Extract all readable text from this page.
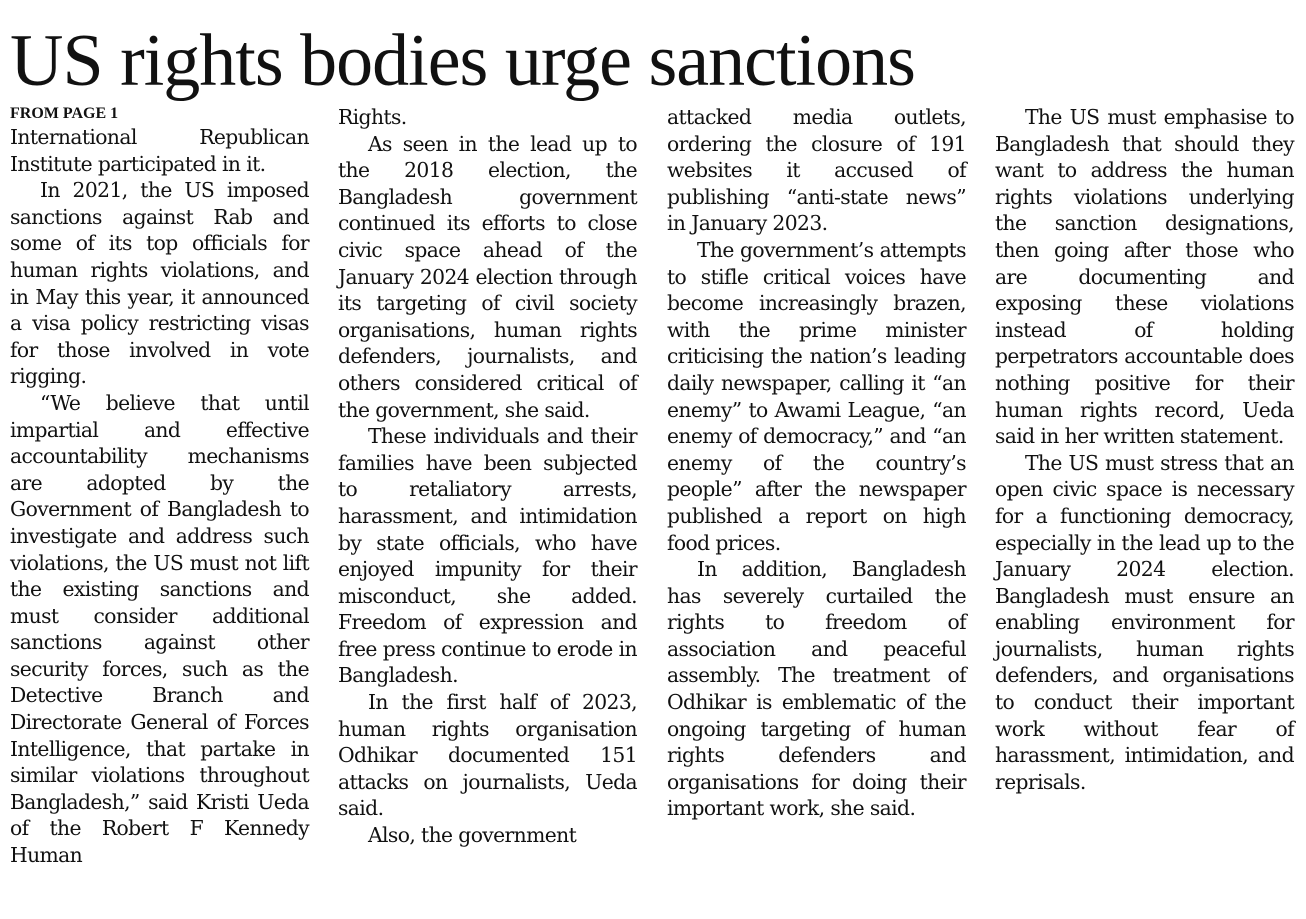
US rights bodies urge sanctions
FROM PAGE 1

International Republican Institute participated in it.

In 2021, the US imposed sanctions against Rab and some of its top officials for human rights violations, and in May this year, it announced a visa policy restricting visas for those involved in vote rigging.

“We believe that until impartial and effective accountability mechanisms are adopted by the Government of Bangladesh to investigate and address such violations, the US must not lift the existing sanctions and must consider additional sanctions against other security forces, such as the Detective Branch and Directorate General of Forces Intelligence, that partake in similar violations throughout Bangladesh,” said Kristi Ueda of the Robert F Kennedy Human

Rights.

As seen in the lead up to the 2018 election, the Bangladesh government continued its efforts to close civic space ahead of the January 2024 election through its targeting of civil society organisations, human rights defenders, journalists, and others considered critical of the government, she said.

These individuals and their families have been subjected to retaliatory arrests, harassment, and intimidation by state officials, who have enjoyed impunity for their misconduct, she added. Freedom of expression and free press continue to erode in Bangladesh.

In the first half of 2023, human rights organisation Odhikar documented 151 attacks on journalists, Ueda said.

Also, the government

attacked media outlets, ordering the closure of 191 websites it accused of publishing “anti-state news” in January 2023.

The government’s attempts to stifle critical voices have become increasingly brazen, with the prime minister criticising the nation’s leading daily newspaper, calling it “an enemy” to Awami League, “an enemy of democracy,” and “an enemy of the country’s people” after the newspaper published a report on high food prices.

In addition, Bangladesh has severely curtailed the rights to freedom of association and peaceful assembly. The treatment of Odhikar is emblematic of the ongoing targeting of human rights defenders and organisations for doing their important work, she said.

The US must emphasise to Bangladesh that should they want to address the human rights violations underlying the sanction designations, then going after those who are documenting and exposing these violations instead of holding perpetrators accountable does nothing positive for their human rights record, Ueda said in her written statement.

The US must stress that an open civic space is necessary for a functioning democracy, especially in the lead up to the January 2024 election. Bangladesh must ensure an enabling environment for journalists, human rights defenders, and organisations to conduct their important work without fear of harassment, intimidation, and reprisals.
